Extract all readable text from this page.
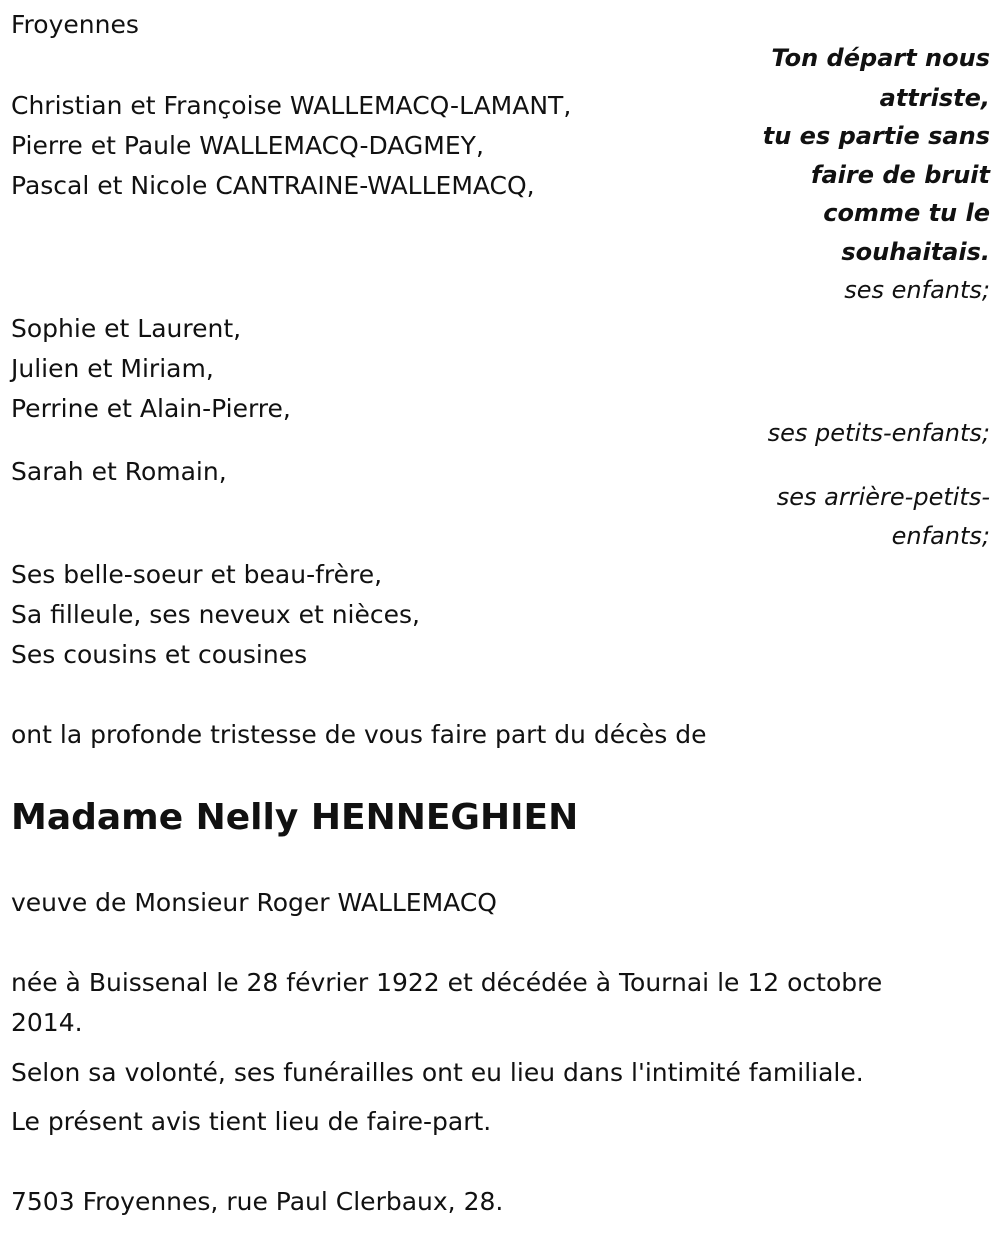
Froyennes
Ton départ nous
attriste,
tu es partie sans
faire de bruit
comme tu le
souhaitais.
Christian et Françoise WALLEMACQ-LAMANT,
Pierre et Paule WALLEMACQ-DAGMEY,
Pascal et Nicole CANTRAINE-WALLEMACQ,
ses enfants;
Sophie et Laurent,
Julien et Miriam,
Perrine et Alain-Pierre,
ses petits-enfants;
Sarah et Romain,
ses arrière-petits-
enfants;
Ses belle-soeur et beau-frère,
Sa filleule, ses neveux et nièces,
Ses cousins et cousines
ont la profonde tristesse de vous faire part du décès de
Madame Nelly HENNEGHIEN
veuve de Monsieur Roger WALLEMACQ
née à Buissenal le 28 février 1922 et décédée à Tournai le 12 octobre
2014.
Selon sa volonté, ses funérailles ont eu lieu dans l'intimité familiale.
Le présent avis tient lieu de faire-part.
7503 Froyennes, rue Paul Clerbaux, 28.
